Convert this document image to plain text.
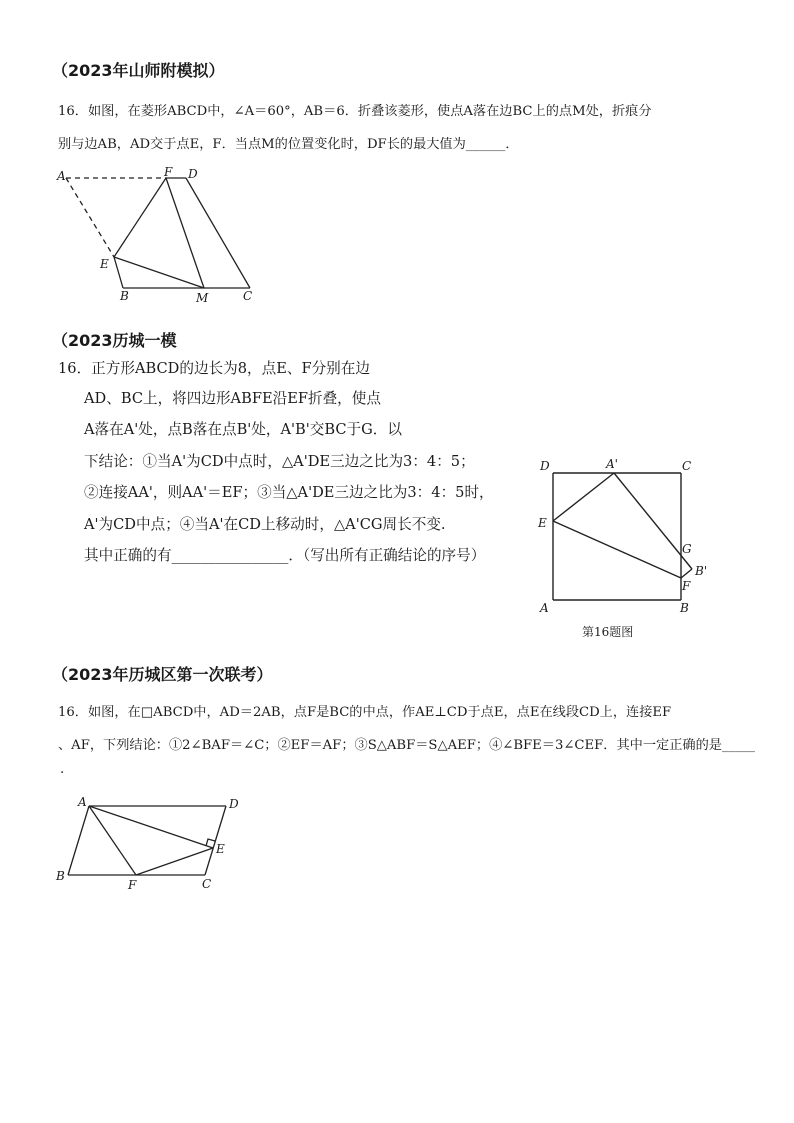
（2023年山师附模拟）
16．如图，在菱形ABCD中，∠A＝60°，AB＝6．折叠该菱形，使点A落在边BC上的点M处，折痕分
别与边AB，AD交于点E，F．当点M的位置变化时，DF长的最大值为______．
A	F D
E
B	M	C
（2023历城一模
16．正方形ABCD的边长为8，点E、F分别在边
AD、BC上，将四边形ABFE沿EF折叠，使点
A落在A'处，点B落在点B'处，A'B'交BC于G．以
下结论：①当A'为CD中点时，△A'DE三边之比为3：4：5；
②连接AA'，则AA'＝EF；③当△A'DE三边之比为3：4：5时，
A'为CD中点；④当A'在CD上移动时，△A'CG周长不变.
其中正确的有________________．（写出所有正确结论的序号）
D	A'	C
E
G
B'
F
A	B
第16题图
（2023年历城区第一次联考）
16．如图，在□ABCD中，AD＝2AB，点F是BC的中点，作AE⊥CD于点E，点E在线段CD上，连接EF
、AF，下列结论：①2∠BAF＝∠C；②EF＝AF；③S△ABF＝S△AEF；④∠BFE＝3∠CEF．其中一定正确的是_____
.
A	D
E
B
F	C
